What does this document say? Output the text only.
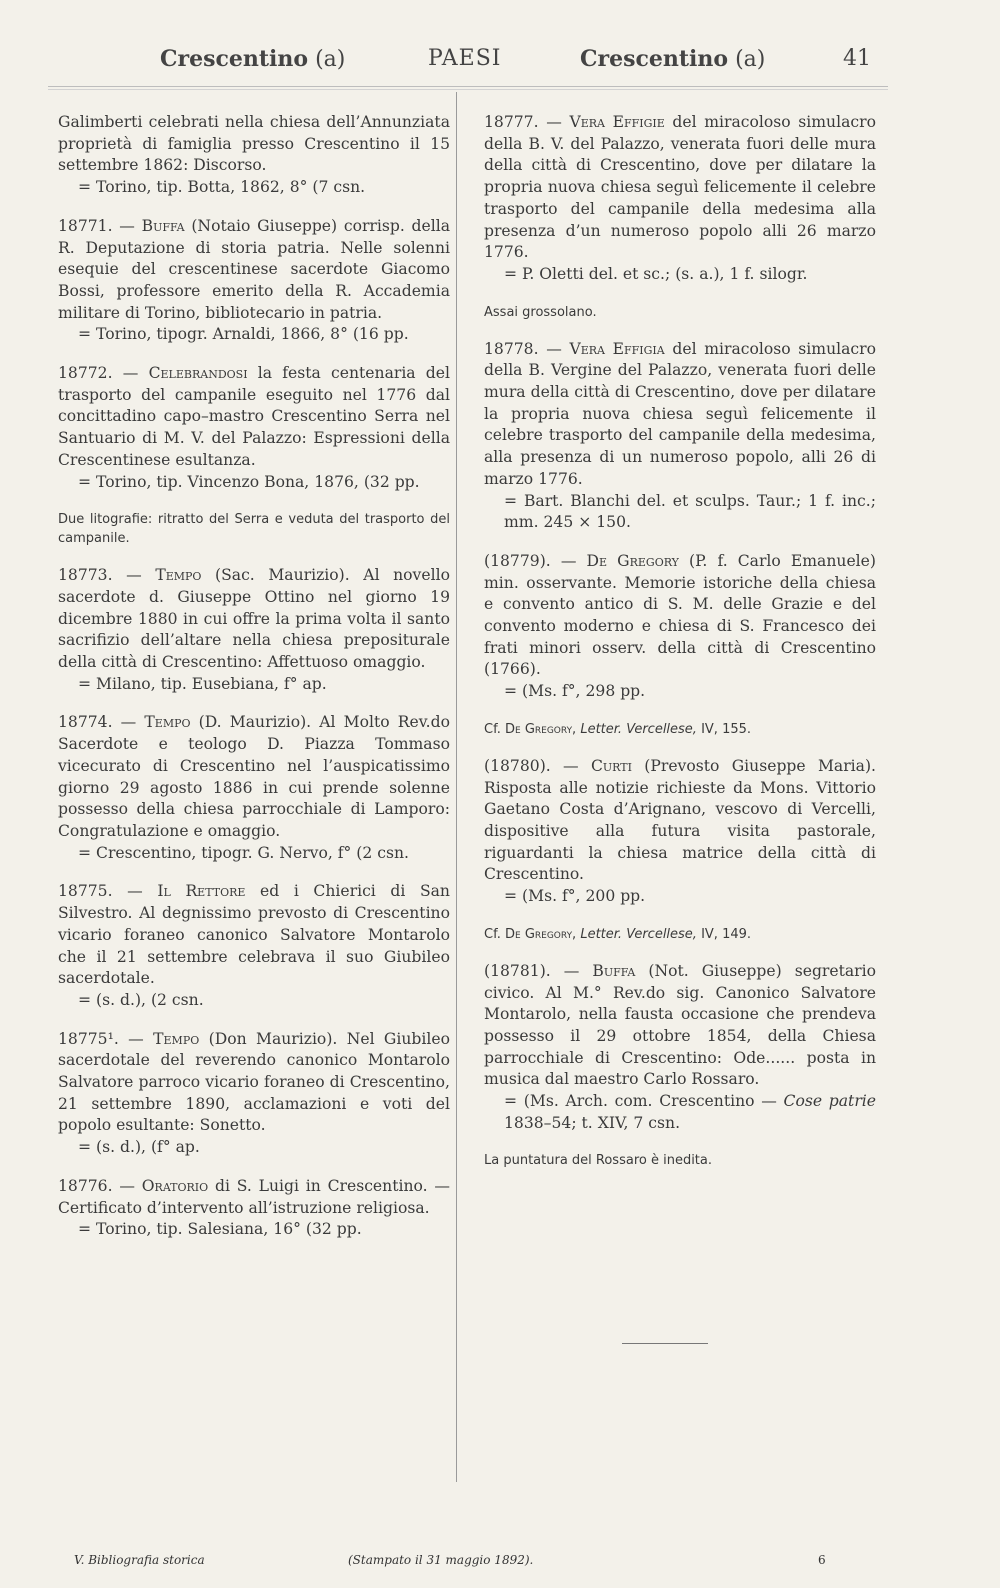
Crescentino (a)	PAESI	Crescentino (a)	41
Galimberti celebrati nella chiesa dell’Annunziata proprietà di famiglia presso Crescentino il 15 settembre 1862: Discorso.
= Torino, tip. Botta, 1862, 8° (7 csn.
18771. — Buffa (Notaio Giuseppe) corrisp. della R. Deputazione di storia patria. Nelle solenni esequie del crescentinese sacerdote Giacomo Bossi, professore emerito della R. Accademia militare di Torino, bibliotecario in patria.
= Torino, tipogr. Arnaldi, 1866, 8° (16 pp.
18772. — Celebrandosi la festa centenaria del trasporto del campanile eseguito nel 1776 dal concittadino capo–mastro Crescentino Serra nel Santuario di M. V. del Palazzo: Espressioni della Crescentinese esultanza.
= Torino, tip. Vincenzo Bona, 1876, (32 pp.
Due litografie: ritratto del Serra e veduta del trasporto del campanile.
18773. — Tempo (Sac. Maurizio). Al novello sacerdote d. Giuseppe Ottino nel giorno 19 dicembre 1880 in cui offre la prima volta il santo sacrifizio dell’altare nella chiesa prepositurale della città di Crescentino: Affettuoso omaggio.
= Milano, tip. Eusebiana, f° ap.
18774. — Tempo (D. Maurizio). Al Molto Rev.do Sacerdote e teologo D. Piazza Tommaso vicecurato di Crescentino nel l’auspicatissimo giorno 29 agosto 1886 in cui prende solenne possesso della chiesa parrocchiale di Lamporo: Congratulazione e omaggio.
= Crescentino, tipogr. G. Nervo, f° (2 csn.
18775. — Il Rettore ed i Chierici di San Silvestro. Al degnissimo prevosto di Crescentino vicario foraneo canonico Salvatore Montarolo che il 21 settembre celebrava il suo Giubileo sacerdotale.
= (s. d.), (2 csn.
18775¹. — Tempo (Don Maurizio). Nel Giubileo sacerdotale del reverendo canonico Montarolo Salvatore parroco vicario foraneo di Crescentino, 21 settembre 1890, acclamazioni e voti del popolo esultante: Sonetto.
= (s. d.), (f° ap.
18776. — Oratorio di S. Luigi in Crescentino. — Certificato d’intervento all’istruzione religiosa.
= Torino, tip. Salesiana, 16° (32 pp.
18777. — Vera Effigie del miracoloso simulacro della B. V. del Palazzo, venerata fuori delle mura della città di Crescentino, dove per dilatare la propria nuova chiesa seguì felicemente il celebre trasporto del campanile della medesima alla presenza d’un numeroso popolo alli 26 marzo 1776.
= P. Oletti del. et sc.; (s. a.), 1 f. silogr.
Assai grossolano.
18778. — Vera Effigia del miracoloso simulacro della B. Vergine del Palazzo, venerata fuori delle mura della città di Crescentino, dove per dilatare la propria nuova chiesa seguì felicemente il celebre trasporto del campanile della medesima, alla presenza di un numeroso popolo, alli 26 di marzo 1776.
= Bart. Blanchi del. et sculps. Taur.; 1 f. inc.; mm. 245 × 150.
(18779). — De Gregory (P. f. Carlo Emanuele) min. osservante. Memorie istoriche della chiesa e convento antico di S. M. delle Grazie e del convento moderno e chiesa di S. Francesco dei frati minori osserv. della città di Crescentino (1766).
= (Ms. f°, 298 pp.
Cf. De Gregory, Letter. Vercellese, IV, 155.
(18780). — Curti (Prevosto Giuseppe Maria). Risposta alle notizie richieste da Mons. Vittorio Gaetano Costa d’Arignano, vescovo di Vercelli, dispositive alla futura visita pastorale, riguardanti la chiesa matrice della città di Crescentino.
= (Ms. f°, 200 pp.
Cf. De Gregory, Letter. Vercellese, IV, 149.
(18781). — Buffa (Not. Giuseppe) segretario civico. Al M.° Rev.do sig. Canonico Salvatore Montarolo, nella fausta occasione che prendeva possesso il 29 ottobre 1854, della Chiesa parrocchiale di Crescentino: Ode...... posta in musica dal maestro Carlo Rossaro.
= (Ms. Arch. com. Crescentino — Cose patrie 1838–54; t. XIV, 7 csn.
La puntatura del Rossaro è inedita.
V. Bibliografia storica	(Stampato il 31 maggio 1892).	6
